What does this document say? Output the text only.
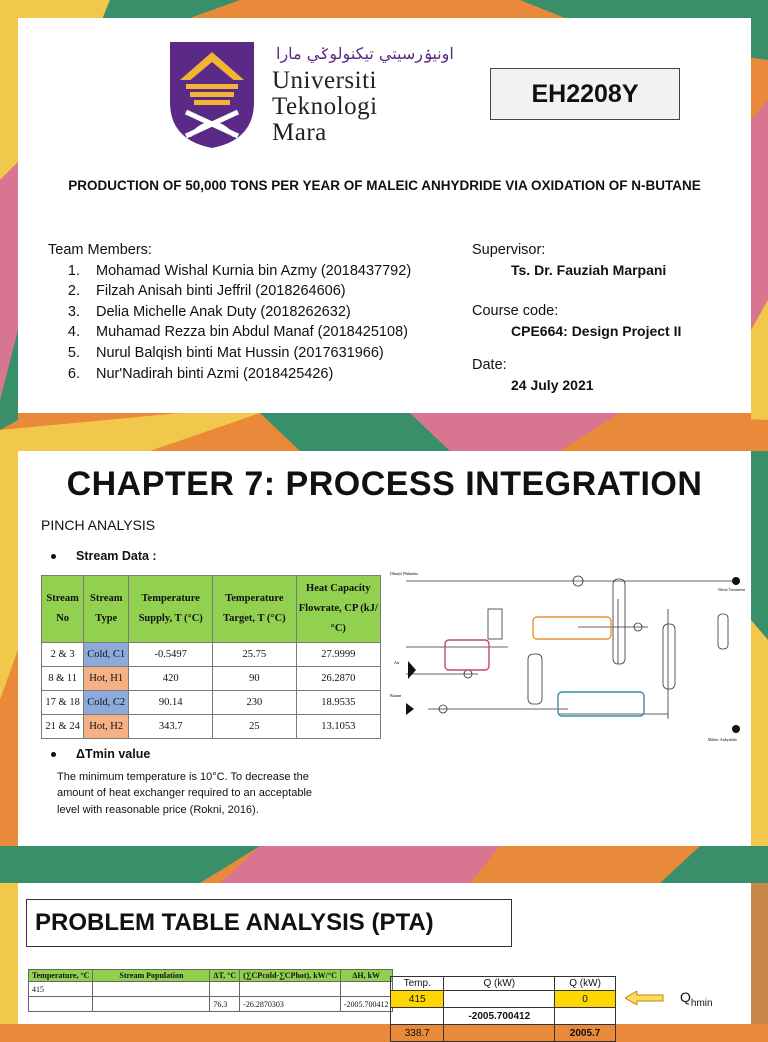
اونيۏرسيتي تيكنولوݢي مارا
Universiti
Teknologi
Mara
EH2208Y
PRODUCTION OF 50,000 TONS PER YEAR OF MALEIC ANHYDRIDE VIA OXIDATION OF N-BUTANE
Team Members:
1. Mohamad Wishal Kurnia bin Azmy (2018437792)
2. Filzah Anisah binti Jeffril (2018264606)
3. Delia Michelle Anak Duty (2018262632)
4. Muhamad Rezza bin Abdul Manaf (2018425108)
5. Nurul Balqish binti Mat Hussin (2017631966)
6. Nur'Nadirah binti Azmi (2018425426)
Supervisor:
Ts. Dr. Fauziah Marpani
Course code:
CPE664: Design Project II
Date:
24 July 2021
CHAPTER 7: PROCESS INTEGRATION
PINCH ANALYSIS
Stream Data :
Stream No	Stream Type	Temperature Supply, T (°C)	Temperature Target, T (°C)	Heat Capacity Flowrate, CP (kJ/°C)
2 & 3	Cold, C1	-0.5497	25.75	27.9999
8 & 11	Hot, H1	420	90	26.2870
17 & 18	Cold, C2	90.14	230	18.9535
21 & 24	Hot, H2	343.7	25	13.1053
Dibutyl Phthalate
Waste Treatment
Air
Butane
Maleic Anhydride
ΔTmin value
The minimum temperature is 10°C. To decrease the amount of heat exchanger required to an acceptable level with reasonable price (Rokni, 2016).
PROBLEM TABLE ANALYSIS (PTA)
Temperature, °C	Stream Population	ΔT, °C	(∑CPcold-∑CPhot), kW/°C	ΔH, kW
415				
		76.3	-26.2870303	-2005.700412
Temp.	Q (kW)	Q (kW)
415		0
	-2005.700412	
338.7		2005.7
$Q_{hmin}$
